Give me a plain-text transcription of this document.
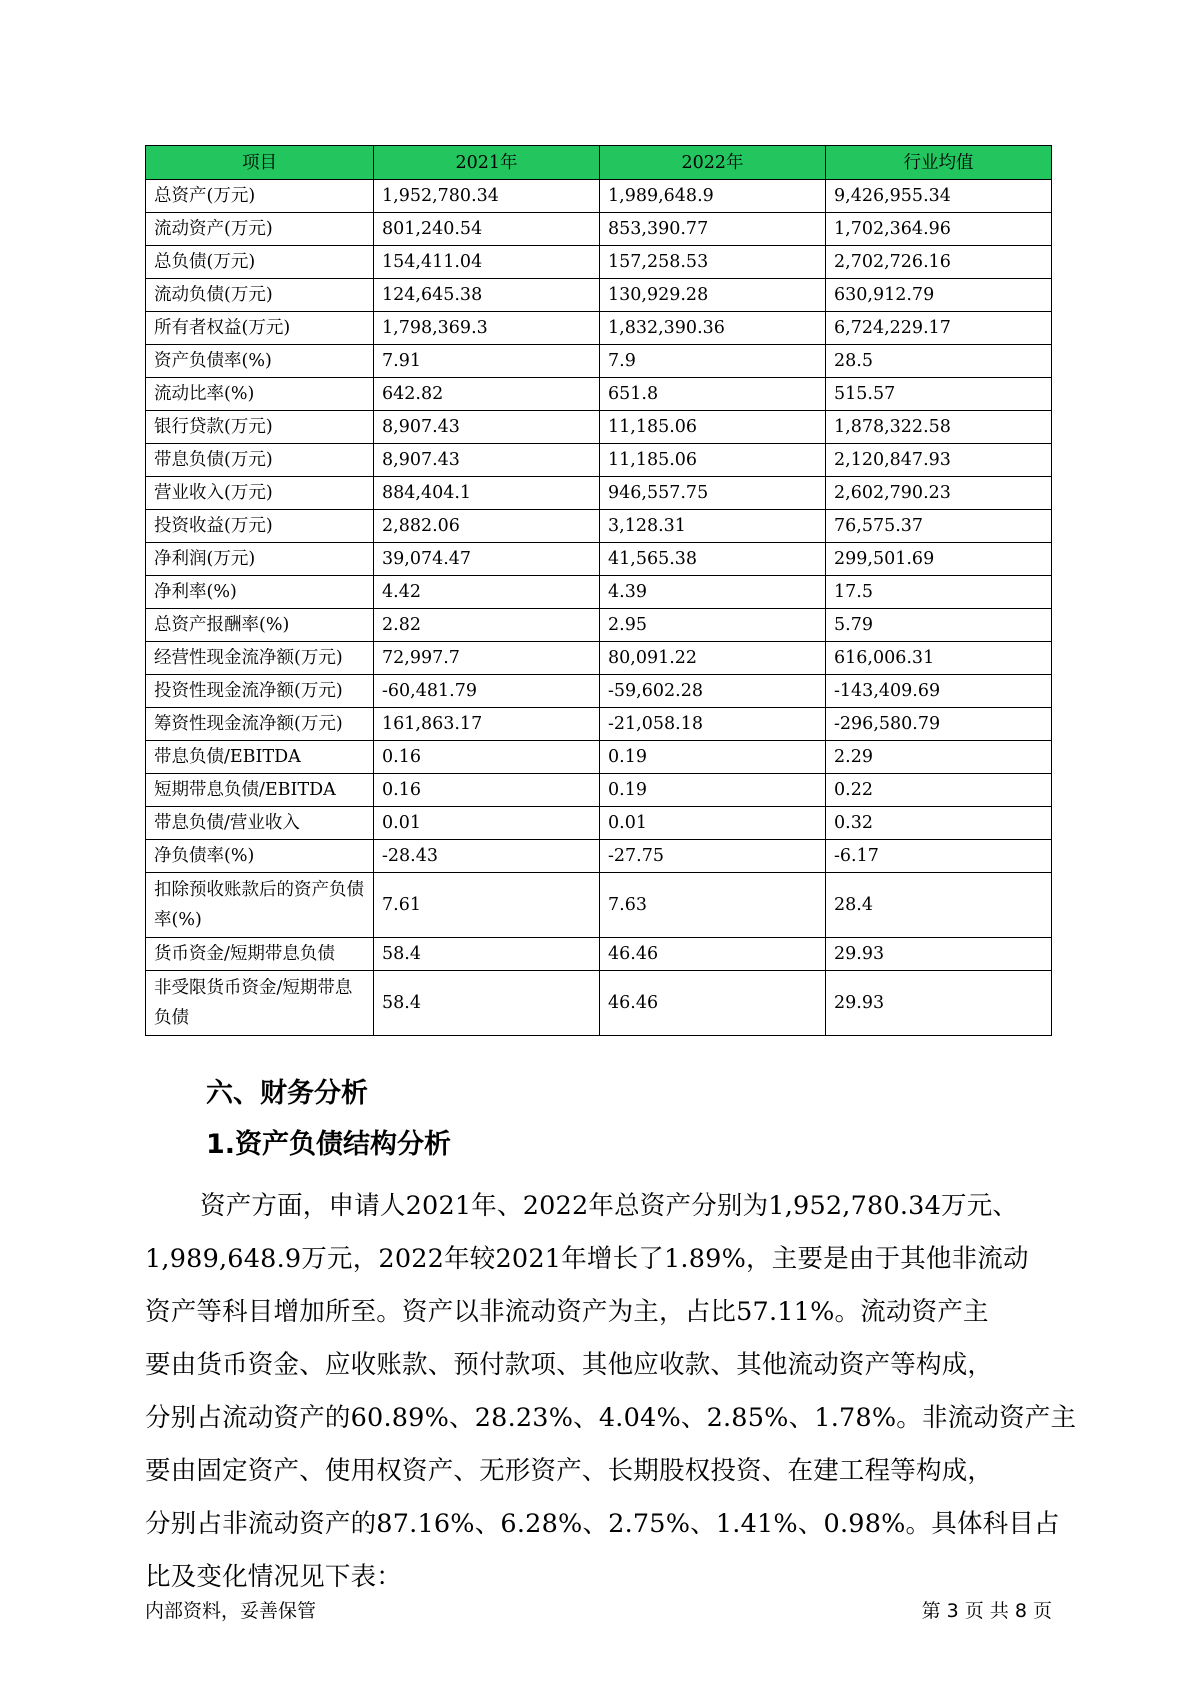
项目	2021年	2022年	行业均值
总资产(万元)	1,952,780.34	1,989,648.9	9,426,955.34
流动资产(万元)	801,240.54	853,390.77	1,702,364.96
总负债(万元)	154,411.04	157,258.53	2,702,726.16
流动负债(万元)	124,645.38	130,929.28	630,912.79
所有者权益(万元)	1,798,369.3	1,832,390.36	6,724,229.17
资产负债率(%)	7.91	7.9	28.5
流动比率(%)	642.82	651.8	515.57
银行贷款(万元)	8,907.43	11,185.06	1,878,322.58
带息负债(万元)	8,907.43	11,185.06	2,120,847.93
营业收入(万元)	884,404.1	946,557.75	2,602,790.23
投资收益(万元)	2,882.06	3,128.31	76,575.37
净利润(万元)	39,074.47	41,565.38	299,501.69
净利率(%)	4.42	4.39	17.5
总资产报酬率(%)	2.82	2.95	5.79
经营性现金流净额(万元)	72,997.7	80,091.22	616,006.31
投资性现金流净额(万元)	-60,481.79	-59,602.28	-143,409.69
筹资性现金流净额(万元)	161,863.17	-21,058.18	-296,580.79
带息负债/EBITDA	0.16	0.19	2.29
短期带息负债/EBITDA	0.16	0.19	0.22
带息负债/营业收入	0.01	0.01	0.32
净负债率(%)	-28.43	-27.75	-6.17
扣除预收账款后的资产负债率(%)	7.61	7.63	28.4
货币资金/短期带息负债	58.4	46.46	29.93
非受限货币资金/短期带息负债	58.4	46.46	29.93
六、财务分析
1.资产负债结构分析
资产方面，申请人2021年、2022年总资产分别为1,952,780.34万元、
1,989,648.9万元，2022年较2021年增长了1.89%，主要是由于其他非流动
资产等科目增加所至。资产以非流动资产为主，占比57.11%。流动资产主
要由货币资金、应收账款、预付款项、其他应收款、其他流动资产等构成，
分别占流动资产的60.89%、28.23%、4.04%、2.85%、1.78%。非流动资产主
要由固定资产、使用权资产、无形资产、长期股权投资、在建工程等构成，
分别占非流动资产的87.16%、6.28%、2.75%、1.41%、0.98%。具体科目占
比及变化情况见下表：
内部资料，妥善保管	第 3 页 共 8 页
